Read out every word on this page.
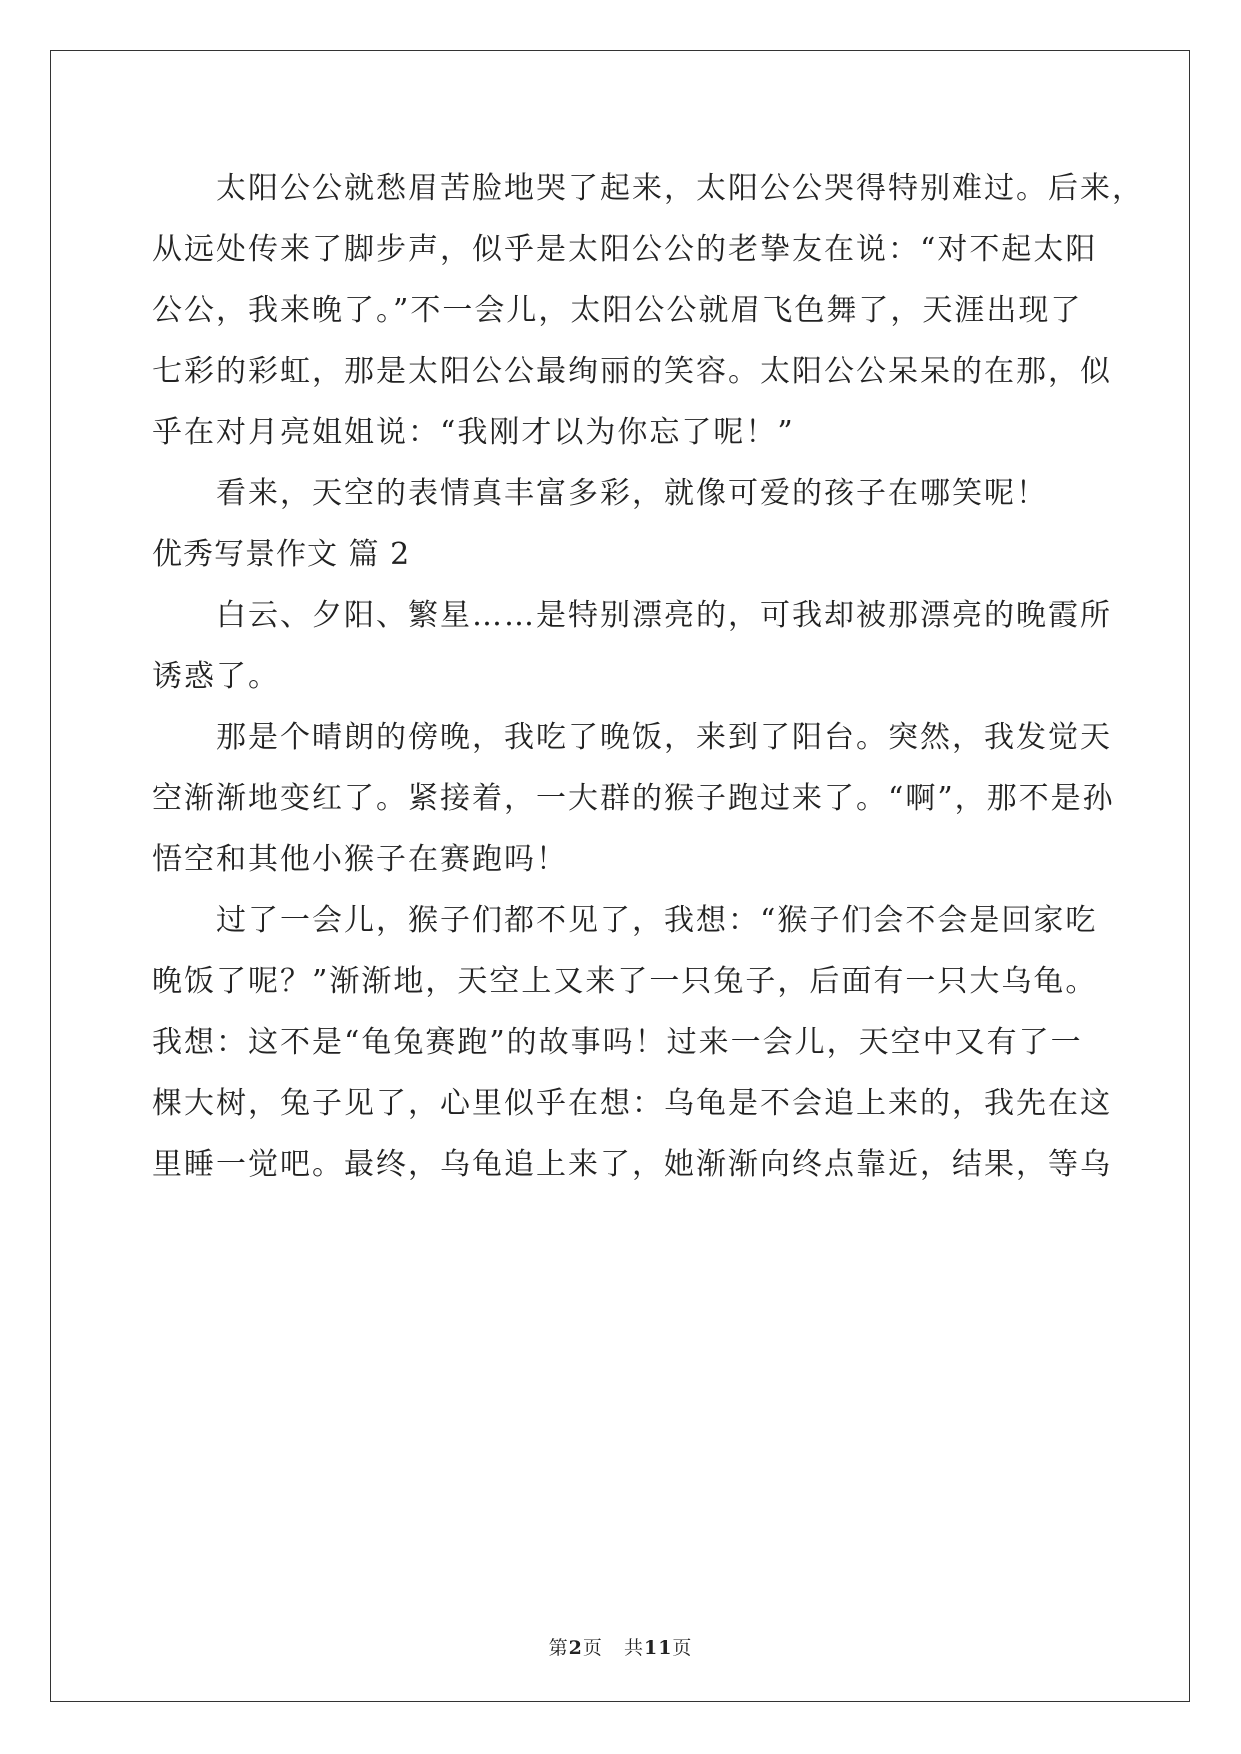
太阳公公就愁眉苦脸地哭了起来，太阳公公哭得特别难过。后来，
从远处传来了脚步声，似乎是太阳公公的老挚友在说：“对不起太阳
公公，我来晚了。”不一会儿，太阳公公就眉飞色舞了，天涯出现了
七彩的彩虹，那是太阳公公最绚丽的笑容。太阳公公呆呆的在那，似
乎在对月亮姐姐说：“我刚才以为你忘了呢！”
看来，天空的表情真丰富多彩，就像可爱的孩子在哪笑呢！
优秀写景作文 篇 2
白云、夕阳、繁星……是特别漂亮的，可我却被那漂亮的晚霞所
诱惑了。
那是个晴朗的傍晚，我吃了晚饭，来到了阳台。突然，我发觉天
空渐渐地变红了。紧接着，一大群的猴子跑过来了。“啊”，那不是孙
悟空和其他小猴子在赛跑吗！
过了一会儿，猴子们都不见了，我想：“猴子们会不会是回家吃
晚饭了呢？”渐渐地，天空上又来了一只兔子，后面有一只大乌龟。
我想：这不是“龟兔赛跑”的故事吗！过来一会儿，天空中又有了一
棵大树，兔子见了，心里似乎在想：乌龟是不会追上来的，我先在这
里睡一觉吧。最终，乌龟追上来了，她渐渐向终点靠近，结果，等乌
第2页 共11页
